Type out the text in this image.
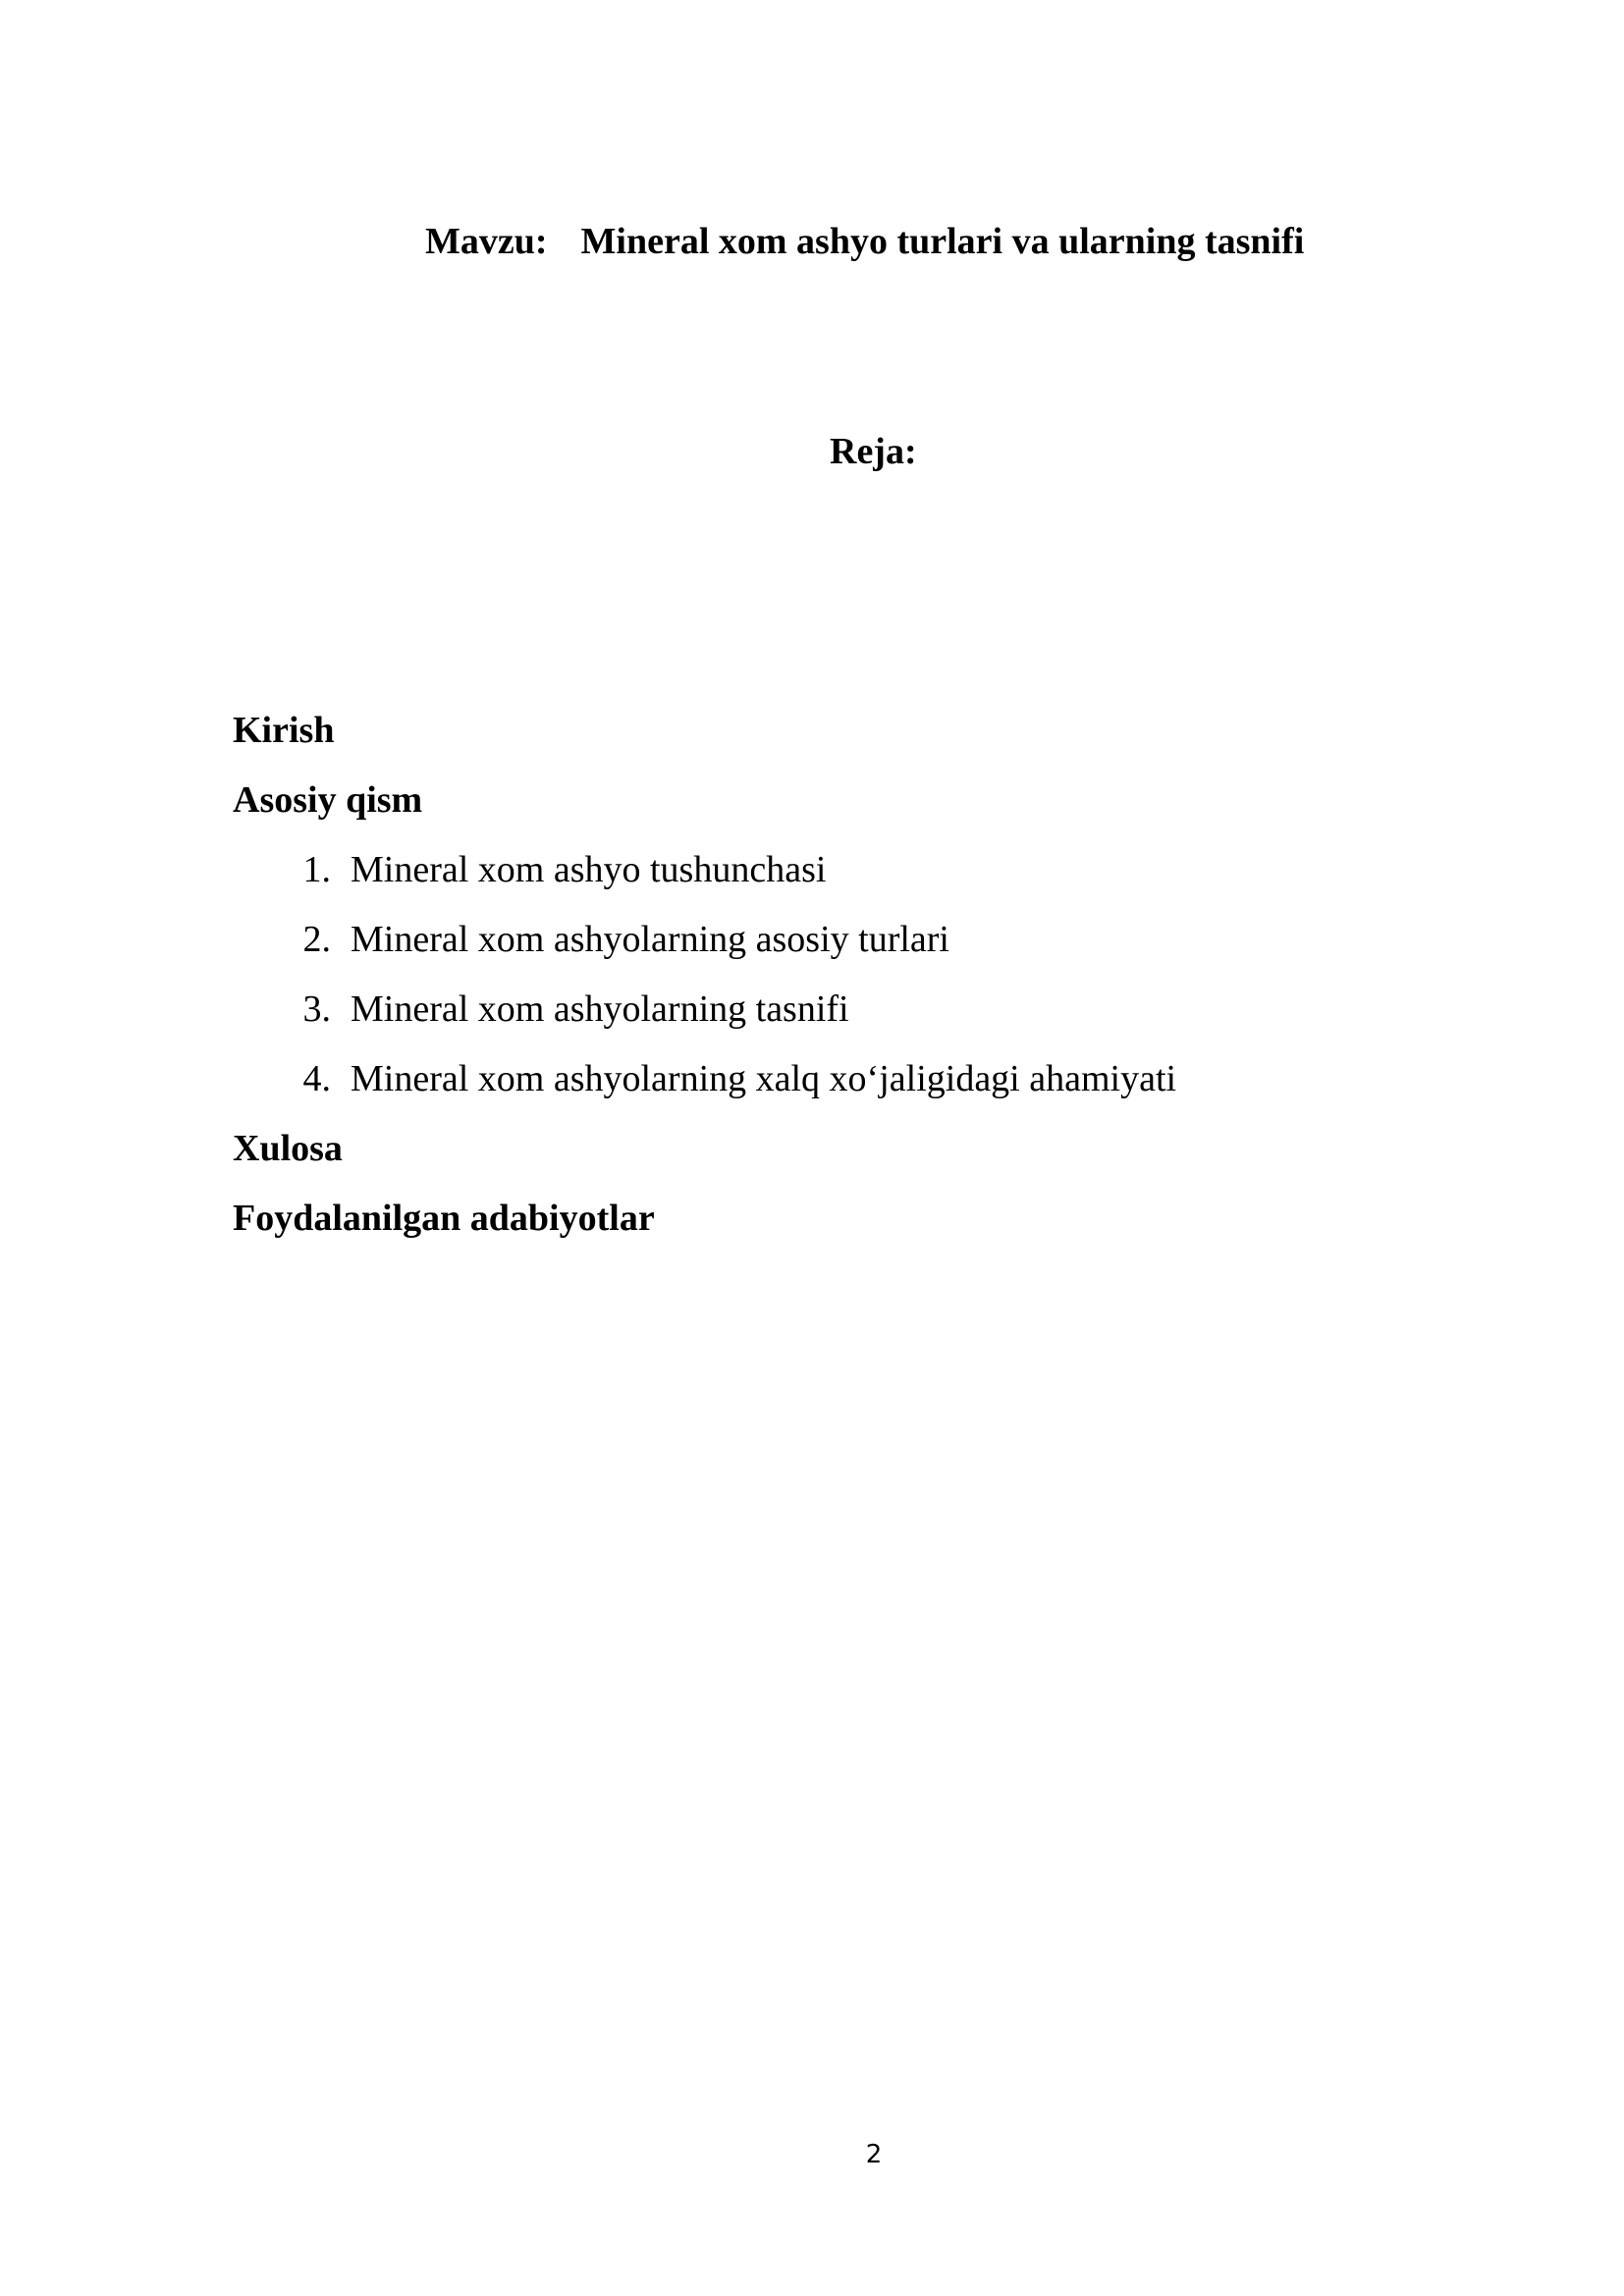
Mavzu: Mineral xom ashyo turlari va ularning tasnifi
Reja:
Kirish
Asosiy qism
1. Mineral xom ashyo tushunchasi
2. Mineral xom ashyolarning asosiy turlari
3. Mineral xom ashyolarning tasnifi
4. Mineral xom ashyolarning xalq xo‘jaligidagi ahamiyati
Xulosa
Foydalanilgan adabiyotlar
2
